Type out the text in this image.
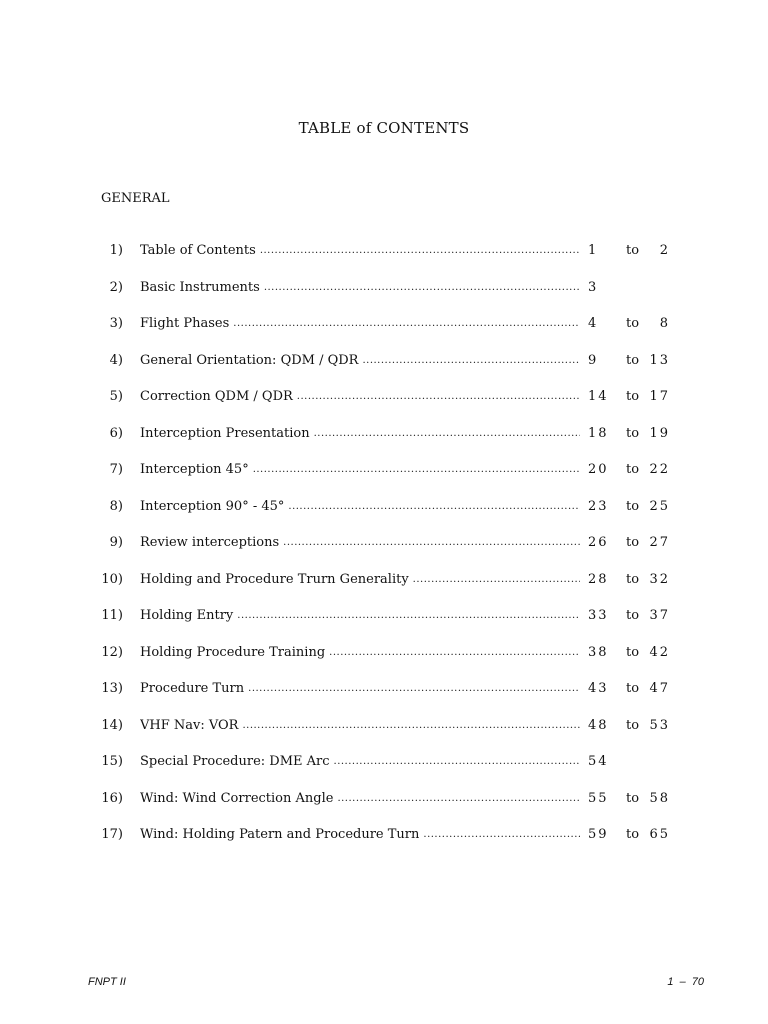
TABLE of CONTENTS
GENERAL
1) Table of Contents .....	1	to	2
2) Basic Instruments .....	3
3) Flight Phases .....	4	to	8
4) General Orientation: QDM / QDR .....	9	to 13
5) Correction QDM / QDR .....	14	to 17
6) Interception Presentation .....	18	to 19
7) Interception 45° .....	20	to 22
8) Interception 90° - 45° .....	23	to 25
9) Review interceptions .....	26	to 27
10) Holding and Procedure Trurn Generality .....	28	to 32
11) Holding Entry .....	33	to 37
12) Holding Procedure Training .....	38	to 42
13) Procedure Turn .....	43	to 47
14) VHF Nav: VOR .....	48	to 53
15) Special Procedure: DME Arc .....	54
16) Wind: Wind Correction Angle .....	55	to 58
17) Wind: Holding Patern and Procedure Turn .....	59	to 65
FNPT II	1 – 70
